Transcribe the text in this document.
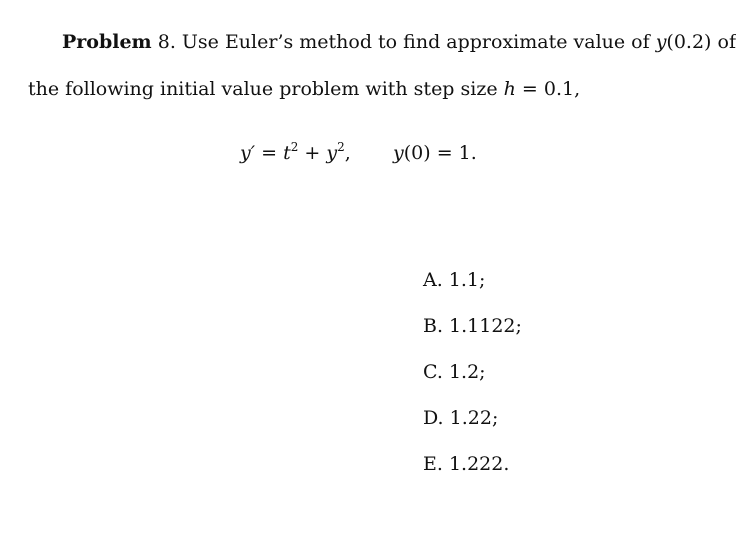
Problem 8. Use Euler’s method to find approximate value of y(0.2) of
the following initial value problem with step size h = 0.1,
$y' = t^2 + y^2$, y(0) = 1.
A. 1.1;
B. 1.1122;
C. 1.2;
D. 1.22;
E. 1.222.
